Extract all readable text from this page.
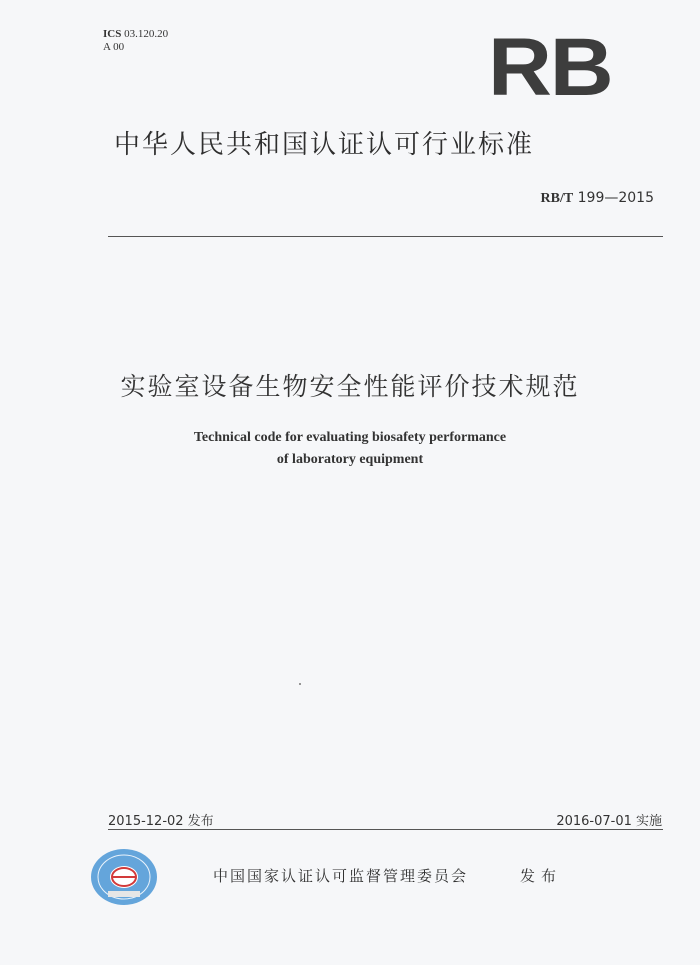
ICS 03.120.20
A 00	RB
中华人民共和国认证认可行业标准
RB/T 199—2015
实验室设备生物安全性能评价技术规范
Technical code for evaluating biosafety performance
of laboratory equipment
2015-12-02 发布	2016-07-01 实施
中国国家认证认可监督管理委员会	发布
